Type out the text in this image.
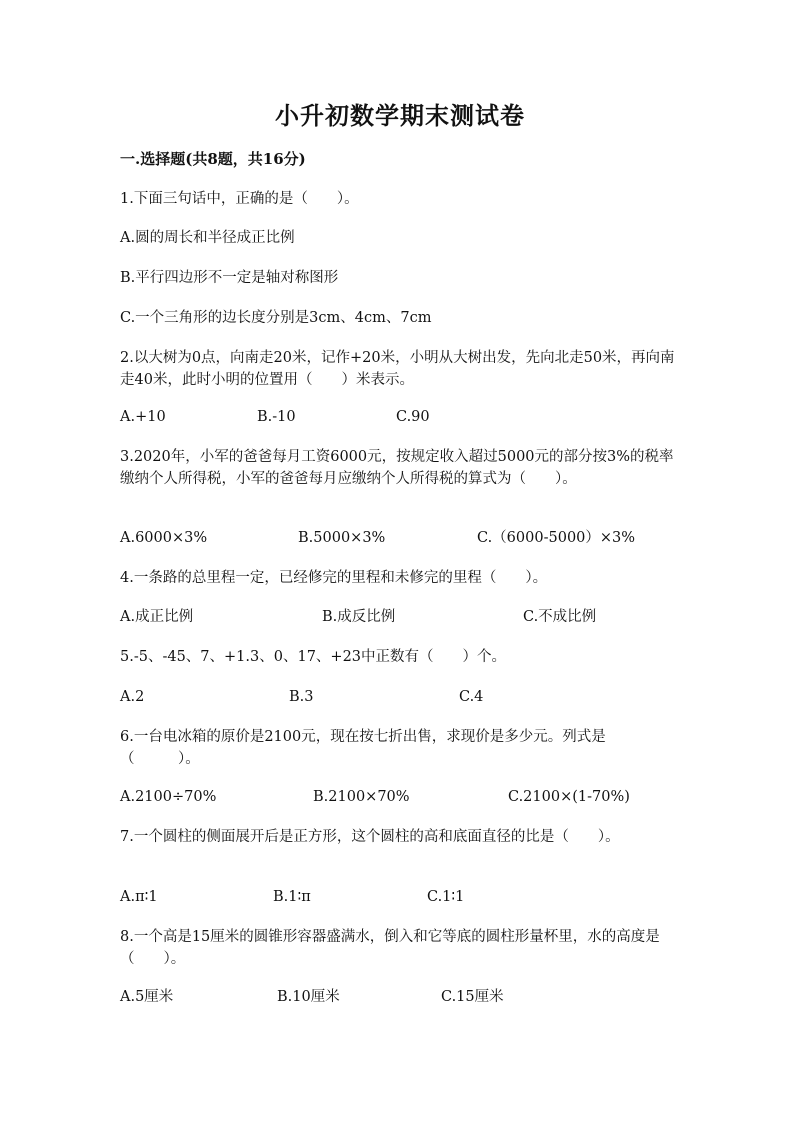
小升初数学期末测试卷
一.选择题(共8题，共16分)
1.下面三句话中，正确的是（　　）。
A.圆的周长和半径成正比例
B.平行四边形不一定是轴对称图形
C.一个三角形的边长度分别是3cm、4cm、7cm
2.以大树为0点，向南走20米，记作+20米，小明从大树出发，先向北走50米，再向南走40米，此时小明的位置用（　　）米表示。
A.+10	B.-10	C.90
3.2020年，小军的爸爸每月工资6000元，按规定收入超过5000元的部分按3%的税率缴纳个人所得税，小军的爸爸每月应缴纳个人所得税的算式为（　　）。
A.6000×3%	B.5000×3%	C.（6000-5000）×3%
4.一条路的总里程一定，已经修完的里程和未修完的里程（　　）。
A.成正比例	B.成反比例	C.不成比例
5.-5、-45、7、+1.3、0、17、+23中正数有（　　）个。
A.2	B.3	C.4
6.一台电冰箱的原价是2100元，现在按七折出售，求现价是多少元。列式是（　　　）。
A.2100÷70%	B.2100×70%	C.2100×(1-70%)
7.一个圆柱的侧面展开后是正方形，这个圆柱的高和底面直径的比是（　　）。
A.π∶1	B.1∶π	C.1∶1
8.一个高是15厘米的圆锥形容器盛满水，倒入和它等底的圆柱形量杯里，水的高度是（　　）。
A.5厘米	B.10厘米	C.15厘米
